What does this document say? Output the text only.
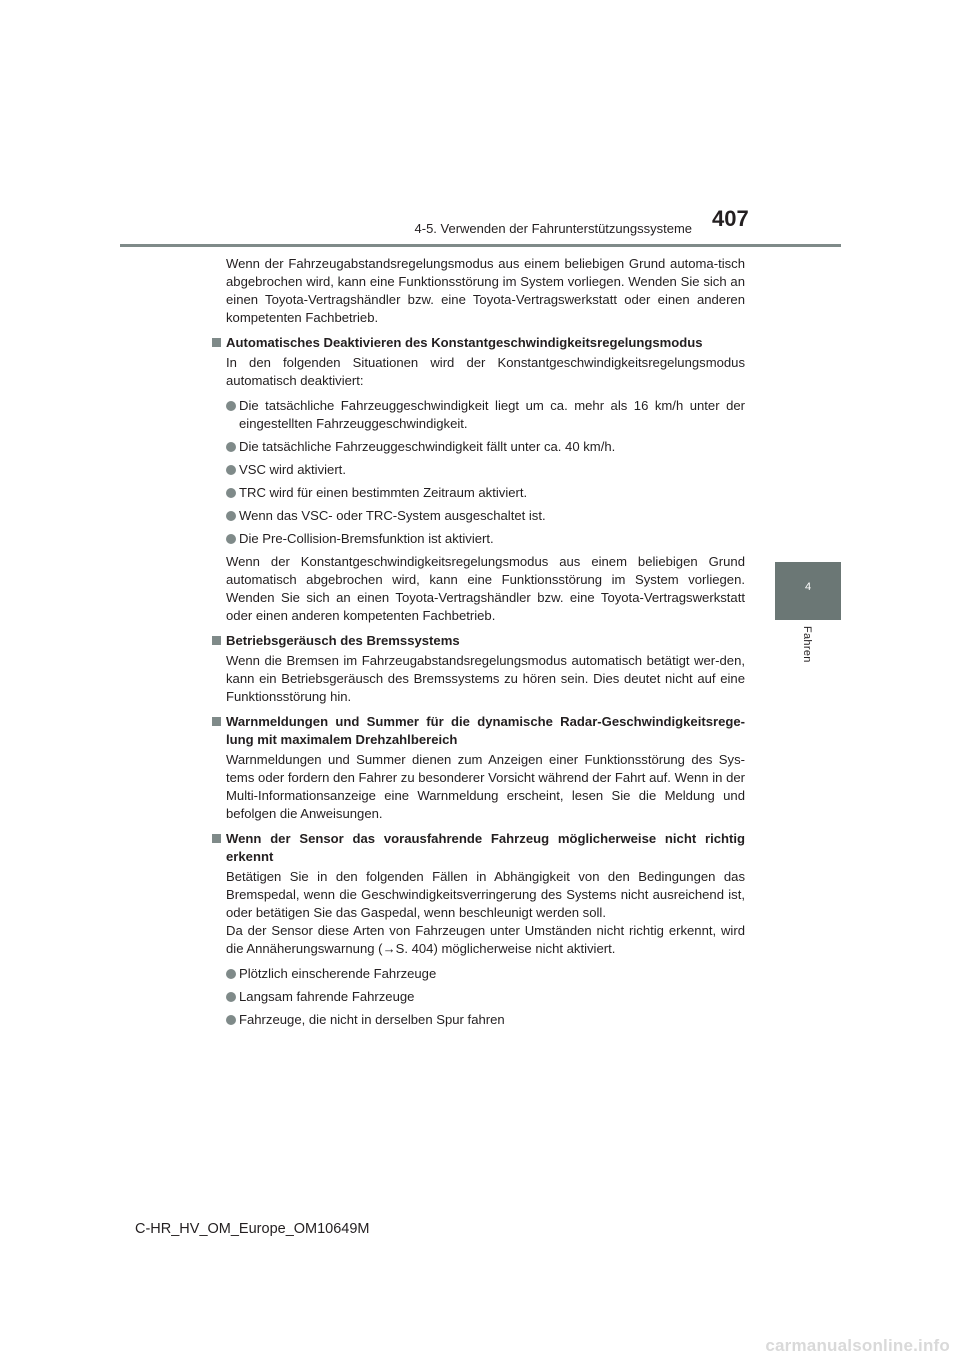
4-5. Verwenden der Fahrunterstützungssysteme 407
4
Fahren

Wenn der Fahrzeugabstandsregelungsmodus aus einem beliebigen Grund automa-tisch abgebrochen wird, kann eine Funktionsstörung im System vorliegen. Wenden Sie sich an einen Toyota-Vertragshändler bzw. eine Toyota-Vertragswerkstatt oder einen anderen kompetenten Fachbetrieb.

Automatisches Deaktivieren des Konstantgeschwindigkeitsregelungsmodus

In den folgenden Situationen wird der Konstantgeschwindigkeitsregelungsmodus automatisch deaktiviert:

Die tatsächliche Fahrzeuggeschwindigkeit liegt um ca. mehr als 16 km/h unter der eingestellten Fahrzeuggeschwindigkeit.
Die tatsächliche Fahrzeuggeschwindigkeit fällt unter ca. 40 km/h.
VSC wird aktiviert.
TRC wird für einen bestimmten Zeitraum aktiviert.
Wenn das VSC- oder TRC-System ausgeschaltet ist.
Die Pre-Collision-Bremsfunktion ist aktiviert.

Wenn der Konstantgeschwindigkeitsregelungsmodus aus einem beliebigen Grund automatisch abgebrochen wird, kann eine Funktionsstörung im System vorliegen. Wenden Sie sich an einen Toyota-Vertragshändler bzw. eine Toyota-Vertragswerkstatt oder einen anderen kompetenten Fachbetrieb.

Betriebsgeräusch des Bremssystems

Wenn die Bremsen im Fahrzeugabstandsregelungsmodus automatisch betätigt wer-den, kann ein Betriebsgeräusch des Bremssystems zu hören sein. Dies deutet nicht auf eine Funktionsstörung hin.

Warnmeldungen und Summer für die dynamische Radar-Geschwindigkeitsrege-lung mit maximalem Drehzahlbereich

Warnmeldungen und Summer dienen zum Anzeigen einer Funktionsstörung des Sys-tems oder fordern den Fahrer zu besonderer Vorsicht während der Fahrt auf. Wenn in der Multi-Informationsanzeige eine Warnmeldung erscheint, lesen Sie die Meldung und befolgen die Anweisungen.

Wenn der Sensor das vorausfahrende Fahrzeug möglicherweise nicht richtig erkennt

Betätigen Sie in den folgenden Fällen in Abhängigkeit von den Bedingungen das Bremspedal, wenn die Geschwindigkeitsverringerung des Systems nicht ausreichend ist, oder betätigen Sie das Gaspedal, wenn beschleunigt werden soll.

Da der Sensor diese Arten von Fahrzeugen unter Umständen nicht richtig erkennt, wird die Annäherungswarnung (→S. 404) möglicherweise nicht aktiviert.

Plötzlich einscherende Fahrzeuge
Langsam fahrende Fahrzeuge
Fahrzeuge, die nicht in derselben Spur fahren
C-HR_HV_OM_Europe_OM10649M
carmanualsonline.info
